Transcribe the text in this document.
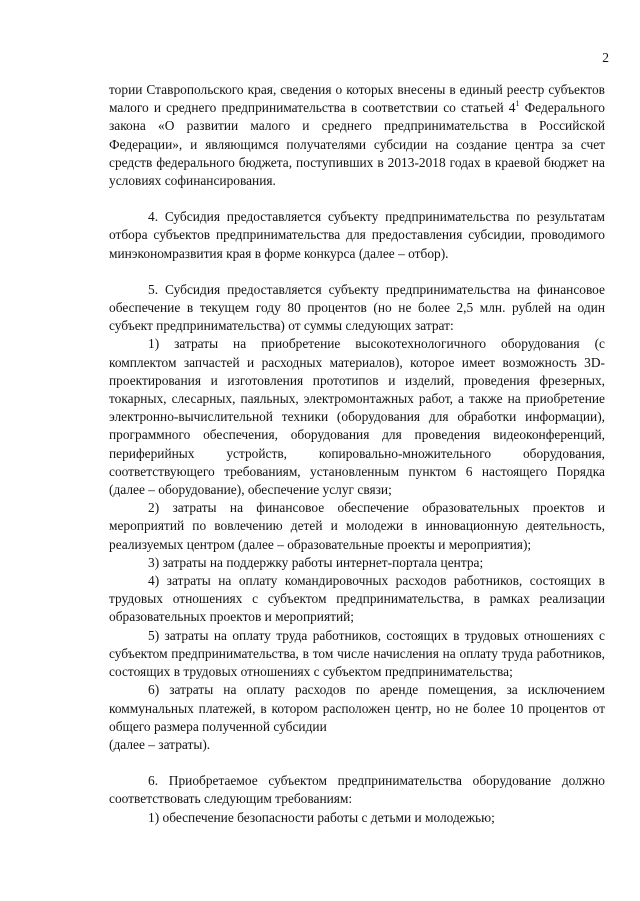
2

тории Ставропольского края, сведения о которых внесены в единый реестр субъектов малого и среднего предпринимательства в соответствии со статьей $4^1$ Федерального закона «О развитии малого и среднего предпринимательства в Российской Федерации», и являющимся получателями субсидии на создание центра за счет средств федерального бюджета, поступивших в 2013-2018 годах в краевой бюджет на условиях софинансирования.

4. Субсидия предоставляется субъекту предпринимательства по результатам отбора субъектов предпринимательства для предоставления субсидии, проводимого минэкономразвития края в форме конкурса (далее – отбор).

5. Субсидия предоставляется субъекту предпринимательства на финансовое обеспечение в текущем году 80 процентов (но не более 2,5 млн. рублей на один субъект предпринимательства) от суммы следующих затрат:

1) затраты на приобретение высокотехнологичного оборудования (с комплектом запчастей и расходных материалов), которое имеет возможность 3D-проектирования и изготовления прототипов и изделий, проведения фрезерных, токарных, слесарных, паяльных, электромонтажных работ, а также на приобретение электронно-вычислительной техники (оборудования для обработки информации), программного обеспечения, оборудования для проведения видеоконференций, периферийных устройств, копировально-множительного оборудования, соответствующего требованиям, установленным пунктом 6 настоящего Порядка (далее – оборудование), обеспечение услуг связи;

2) затраты на финансовое обеспечение образовательных проектов и мероприятий по вовлечению детей и молодежи в инновационную деятельность, реализуемых центром (далее – образовательные проекты и мероприятия);

3) затраты на поддержку работы интернет-портала центра;

4) затраты на оплату командировочных расходов работников, состоящих в трудовых отношениях с субъектом предпринимательства, в рамках реализации образовательных проектов и мероприятий;

5) затраты на оплату труда работников, состоящих в трудовых отношениях с субъектом предпринимательства, в том числе начисления на оплату труда работников, состоящих в трудовых отношениях с субъектом предпринимательства;

6) затраты на оплату расходов по аренде помещения, за исключением коммунальных платежей, в котором расположен центр, но не более 10 процентов от общего размера полученной субсидии

(далее – затраты).

6. Приобретаемое субъектом предпринимательства оборудование должно соответствовать следующим требованиям:

1) обеспечение безопасности работы с детьми и молодежью;
